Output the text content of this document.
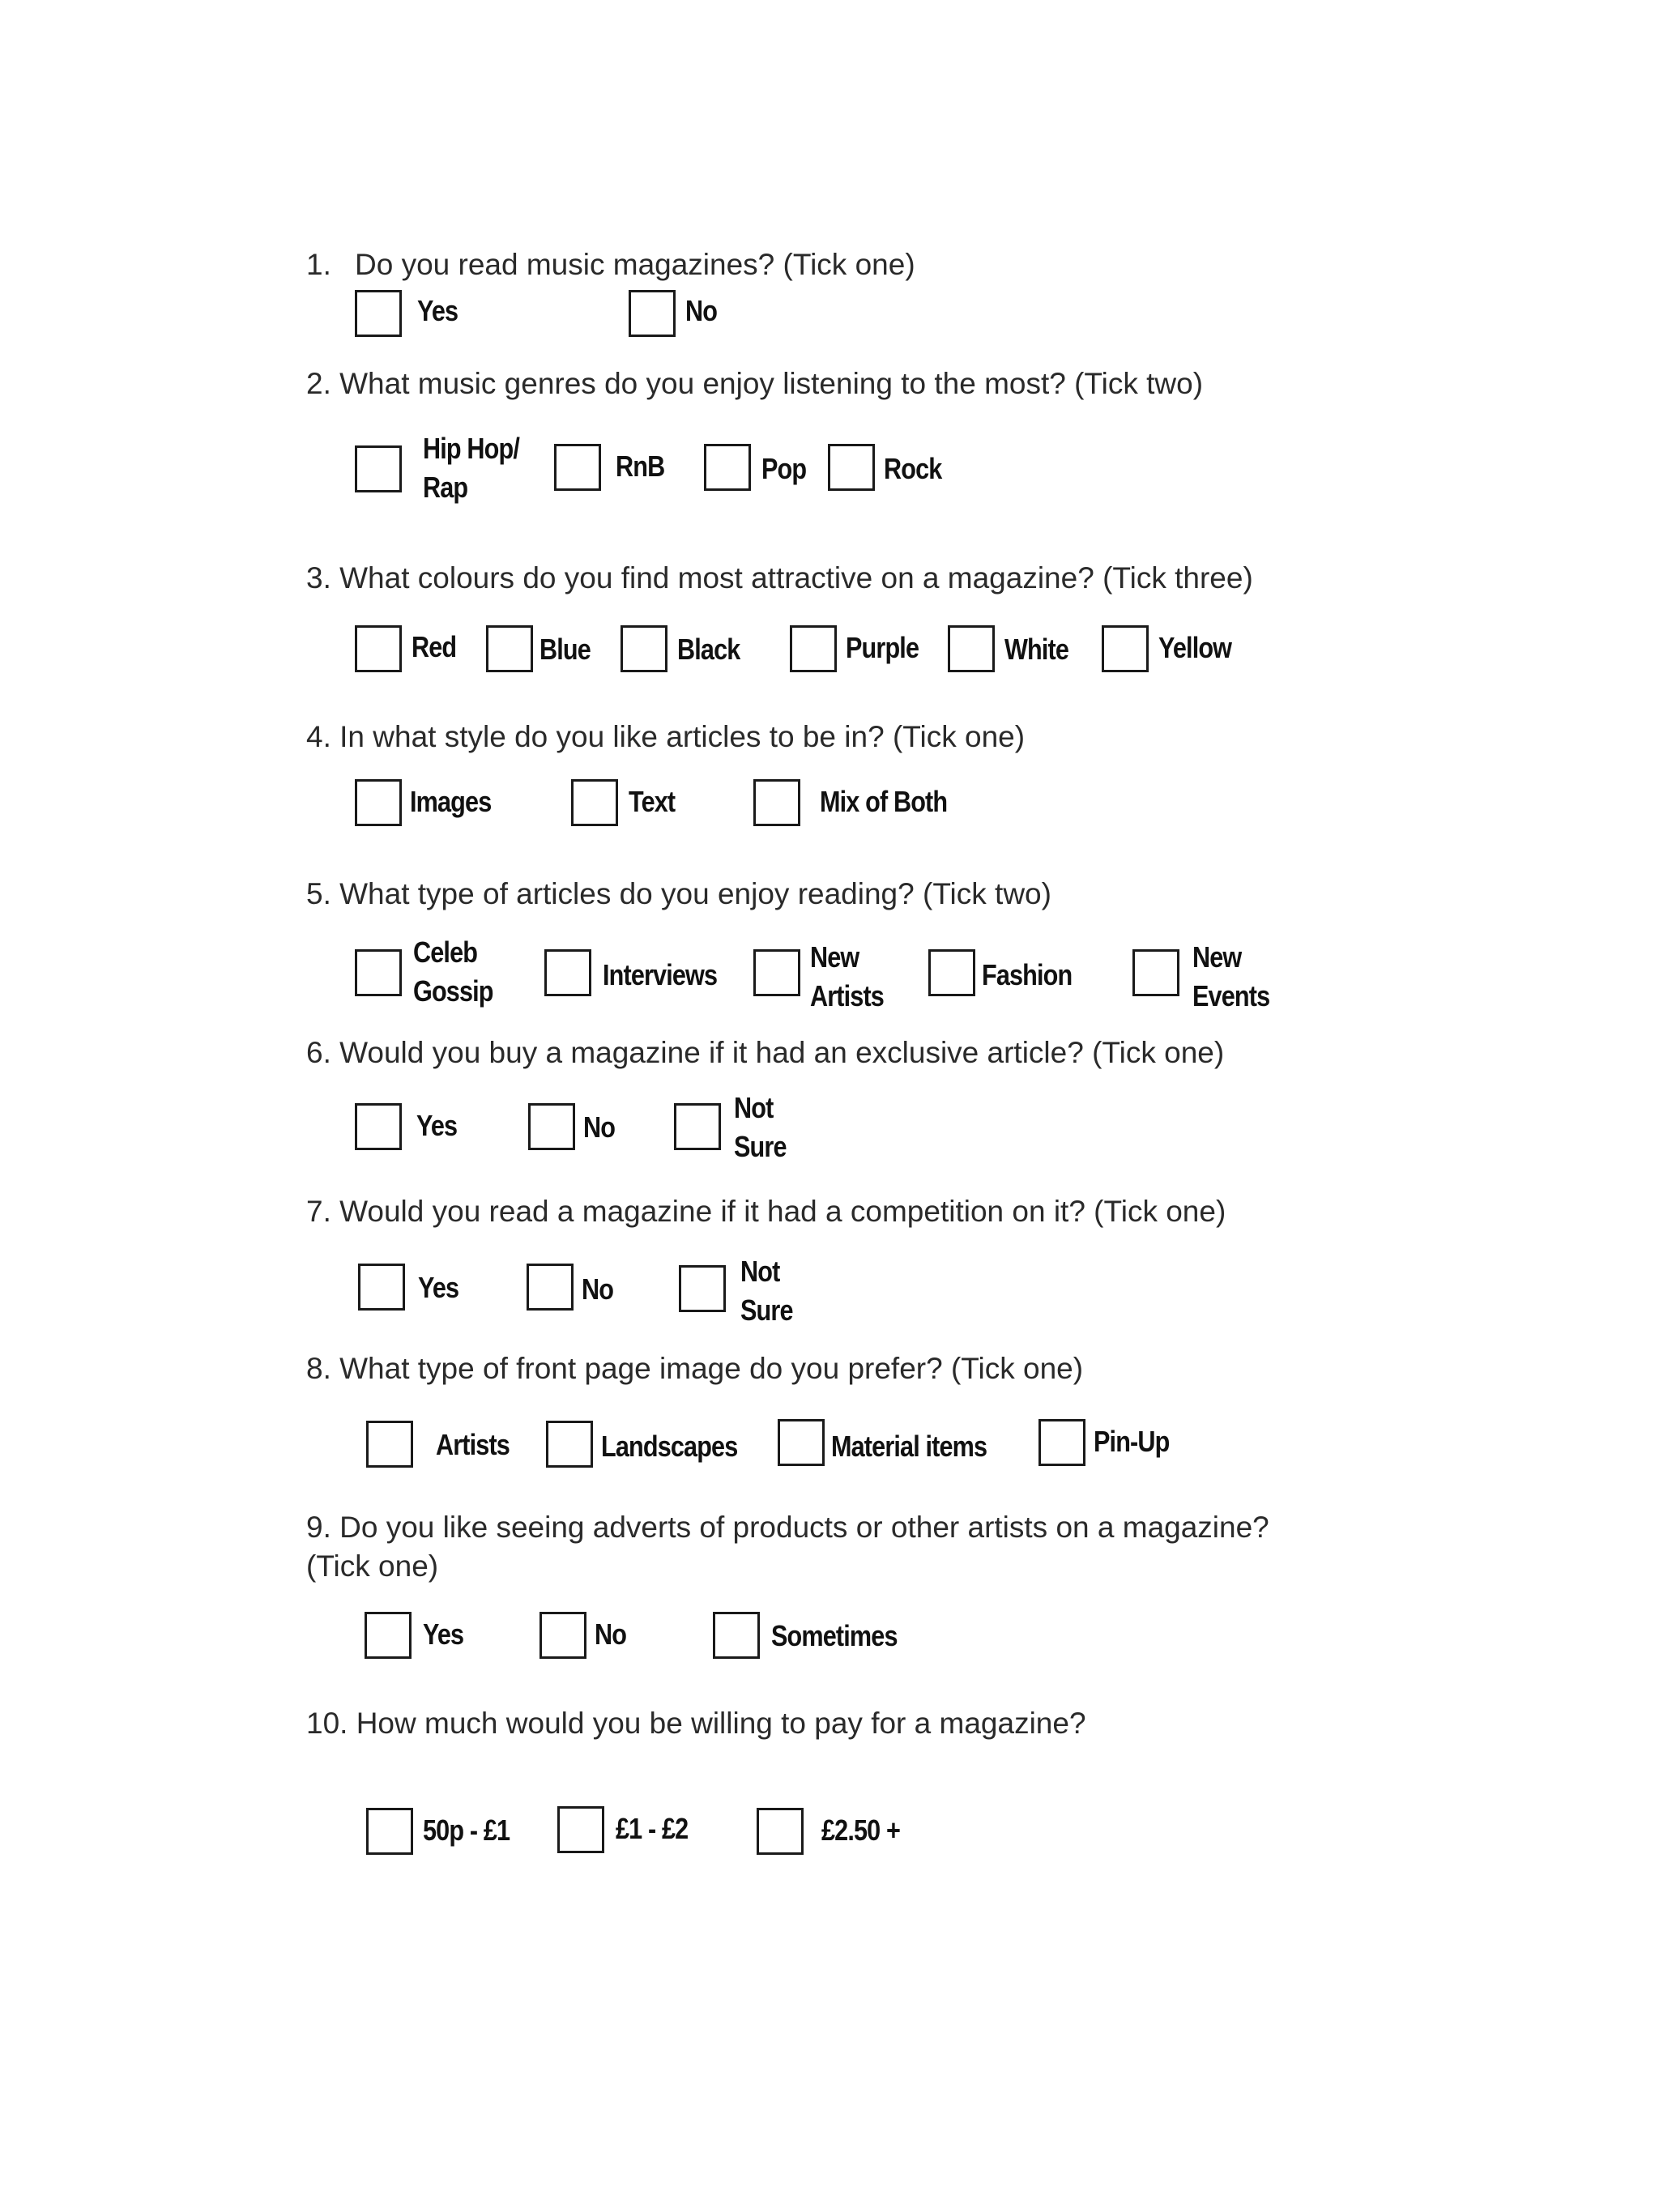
1. Do you read music magazines? (Tick one)
Yes	No
2. What music genres do you enjoy listening to the most? (Tick two)
Hip Hop/
Rap
RnB	Pop	Rock
3. What colours do you find most attractive on a magazine? (Tick three)
Red	Blue	Black	Purple	White	Yellow
4. In what style do you like articles to be in? (Tick one)
Images	Text	Mix of Both
5. What type of articles do you enjoy reading? (Tick two)
Celeb
Gossip	Interviews
New
Artists
Fashion
New
Events
6. Would you buy a magazine if it had an exclusive article? (Tick one)
Yes	No
Not
Sure
7. Would you read a magazine if it had a competition on it? (Tick one)
Yes	No
Not
Sure
8. What type of front page image do you prefer? (Tick one)
Artists	Landscapes	Material items	Pin-Up
9. Do you like seeing adverts of products or other artists on a magazine?
(Tick one)
Yes	No	Sometimes
10. How much would you be willing to pay for a magazine?
50p - £1	£1 - £2	£2.50 +
